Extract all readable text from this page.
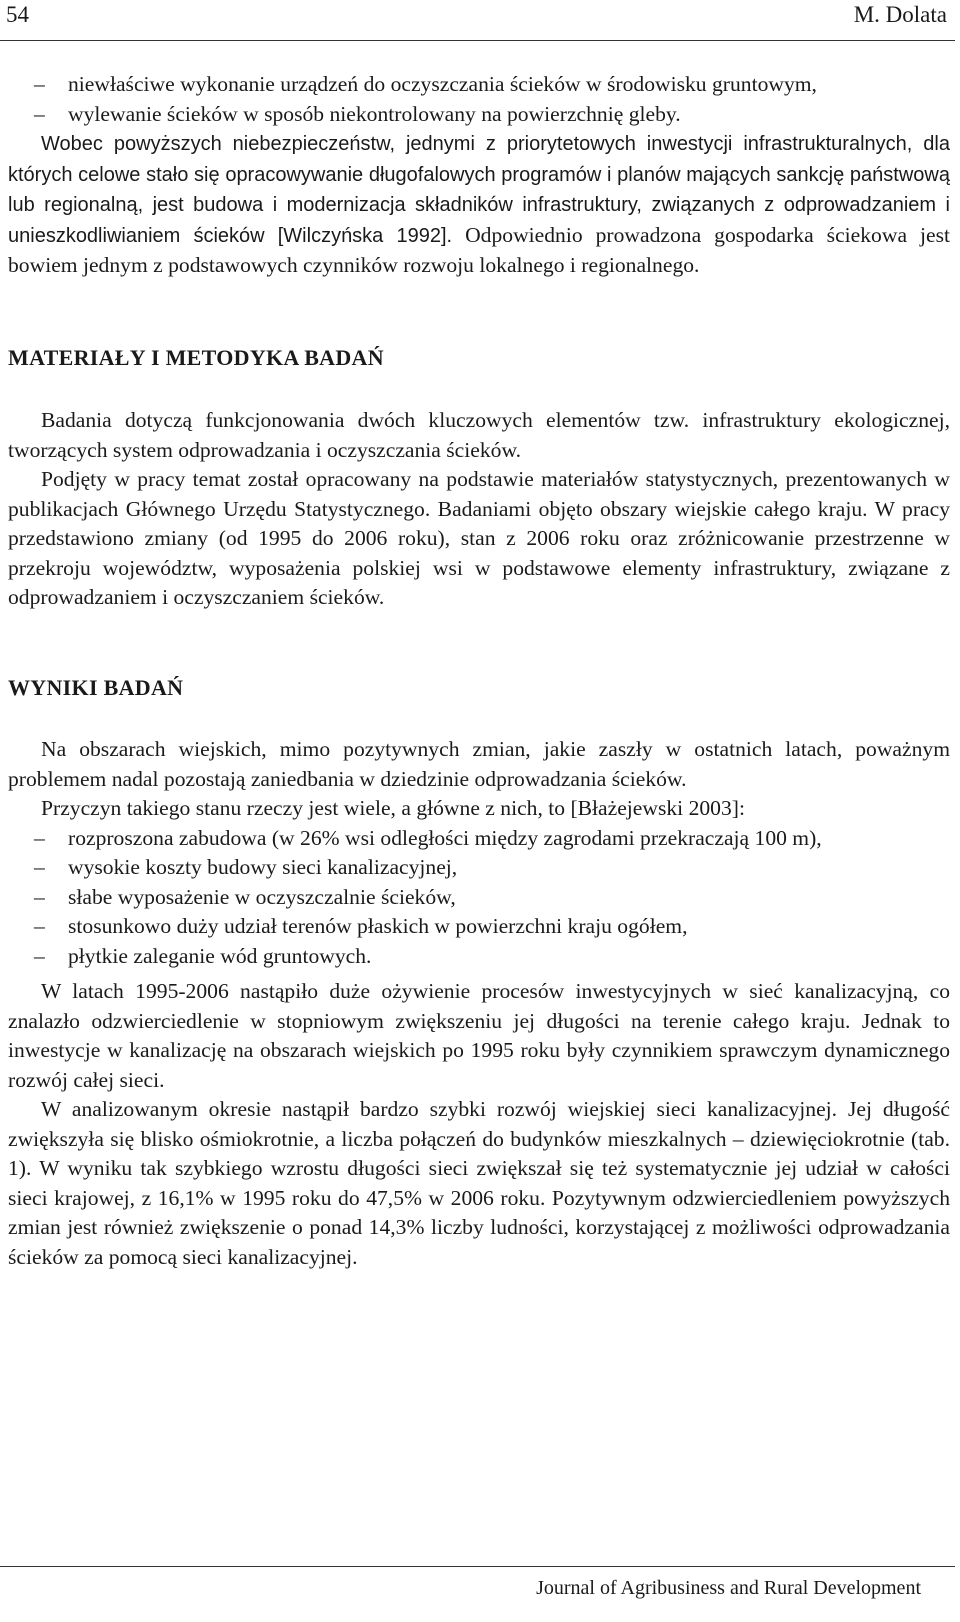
54	M. Dolata
– niewłaściwe wykonanie urządzeń do oczyszczania ścieków w środowisku gruntowym,
– wylewanie ścieków w sposób niekontrolowany na powierzchnię gleby.

Wobec powyższych niebezpieczeństw, jednymi z priorytetowych inwestycji infrastrukturalnych, dla których celowe stało się opracowywanie długofalowych programów i planów mających sankcję państwową lub regionalną, jest budowa i modernizacja składników infrastruktury, związanych z odprowadzaniem i unieszkodliwianiem ścieków [Wilczyńska 1992]. Odpowiednio prowadzona gospodarka ściekowa jest bowiem jednym z podstawowych czynników rozwoju lokalnego i regionalnego.

MATERIAŁY I METODYKA BADAŃ

Badania dotyczą funkcjonowania dwóch kluczowych elementów tzw. infrastruktury ekologicznej, tworzących system odprowadzania i oczyszczania ścieków.

Podjęty w pracy temat został opracowany na podstawie materiałów statystycznych, prezentowanych w publikacjach Głównego Urzędu Statystycznego. Badaniami objęto obszary wiejskie całego kraju. W pracy przedstawiono zmiany (od 1995 do 2006 roku), stan z 2006 roku oraz zróżnicowanie przestrzenne w przekroju województw, wyposażenia polskiej wsi w podstawowe elementy infrastruktury, związane z odprowadzaniem i oczyszczaniem ścieków.

WYNIKI BADAŃ

Na obszarach wiejskich, mimo pozytywnych zmian, jakie zaszły w ostatnich latach, poważnym problemem nadal pozostają zaniedbania w dziedzinie odprowadzania ścieków.

Przyczyn takiego stanu rzeczy jest wiele, a główne z nich, to [Błażejewski 2003]:

– rozproszona zabudowa (w 26% wsi odległości między zagrodami przekraczają 100 m),
– wysokie koszty budowy sieci kanalizacyjnej,
– słabe wyposażenie w oczyszczalnie ścieków,
– stosunkowo duży udział terenów płaskich w powierzchni kraju ogółem,
– płytkie zaleganie wód gruntowych.

W latach 1995-2006 nastąpiło duże ożywienie procesów inwestycyjnych w sieć kanalizacyjną, co znalazło odzwierciedlenie w stopniowym zwiększeniu jej długości na terenie całego kraju. Jednak to inwestycje w kanalizację na obszarach wiejskich po 1995 roku były czynnikiem sprawczym dynamicznego rozwój całej sieci.

W analizowanym okresie nastąpił bardzo szybki rozwój wiejskiej sieci kanalizacyjnej. Jej długość zwiększyła się blisko ośmiokrotnie, a liczba połączeń do budynków mieszkalnych – dziewięciokrotnie (tab. 1). W wyniku tak szybkiego wzrostu długości sieci zwiększał się też systematycznie jej udział w całości sieci krajowej, z 16,1% w 1995 roku do 47,5% w 2006 roku. Pozytywnym odzwierciedleniem powyższych zmian jest również zwiększenie o ponad 14,3% liczby ludności, korzystającej z możliwości odprowadzania ścieków za pomocą sieci kanalizacyjnej.

Journal of Agribusiness and Rural Development
